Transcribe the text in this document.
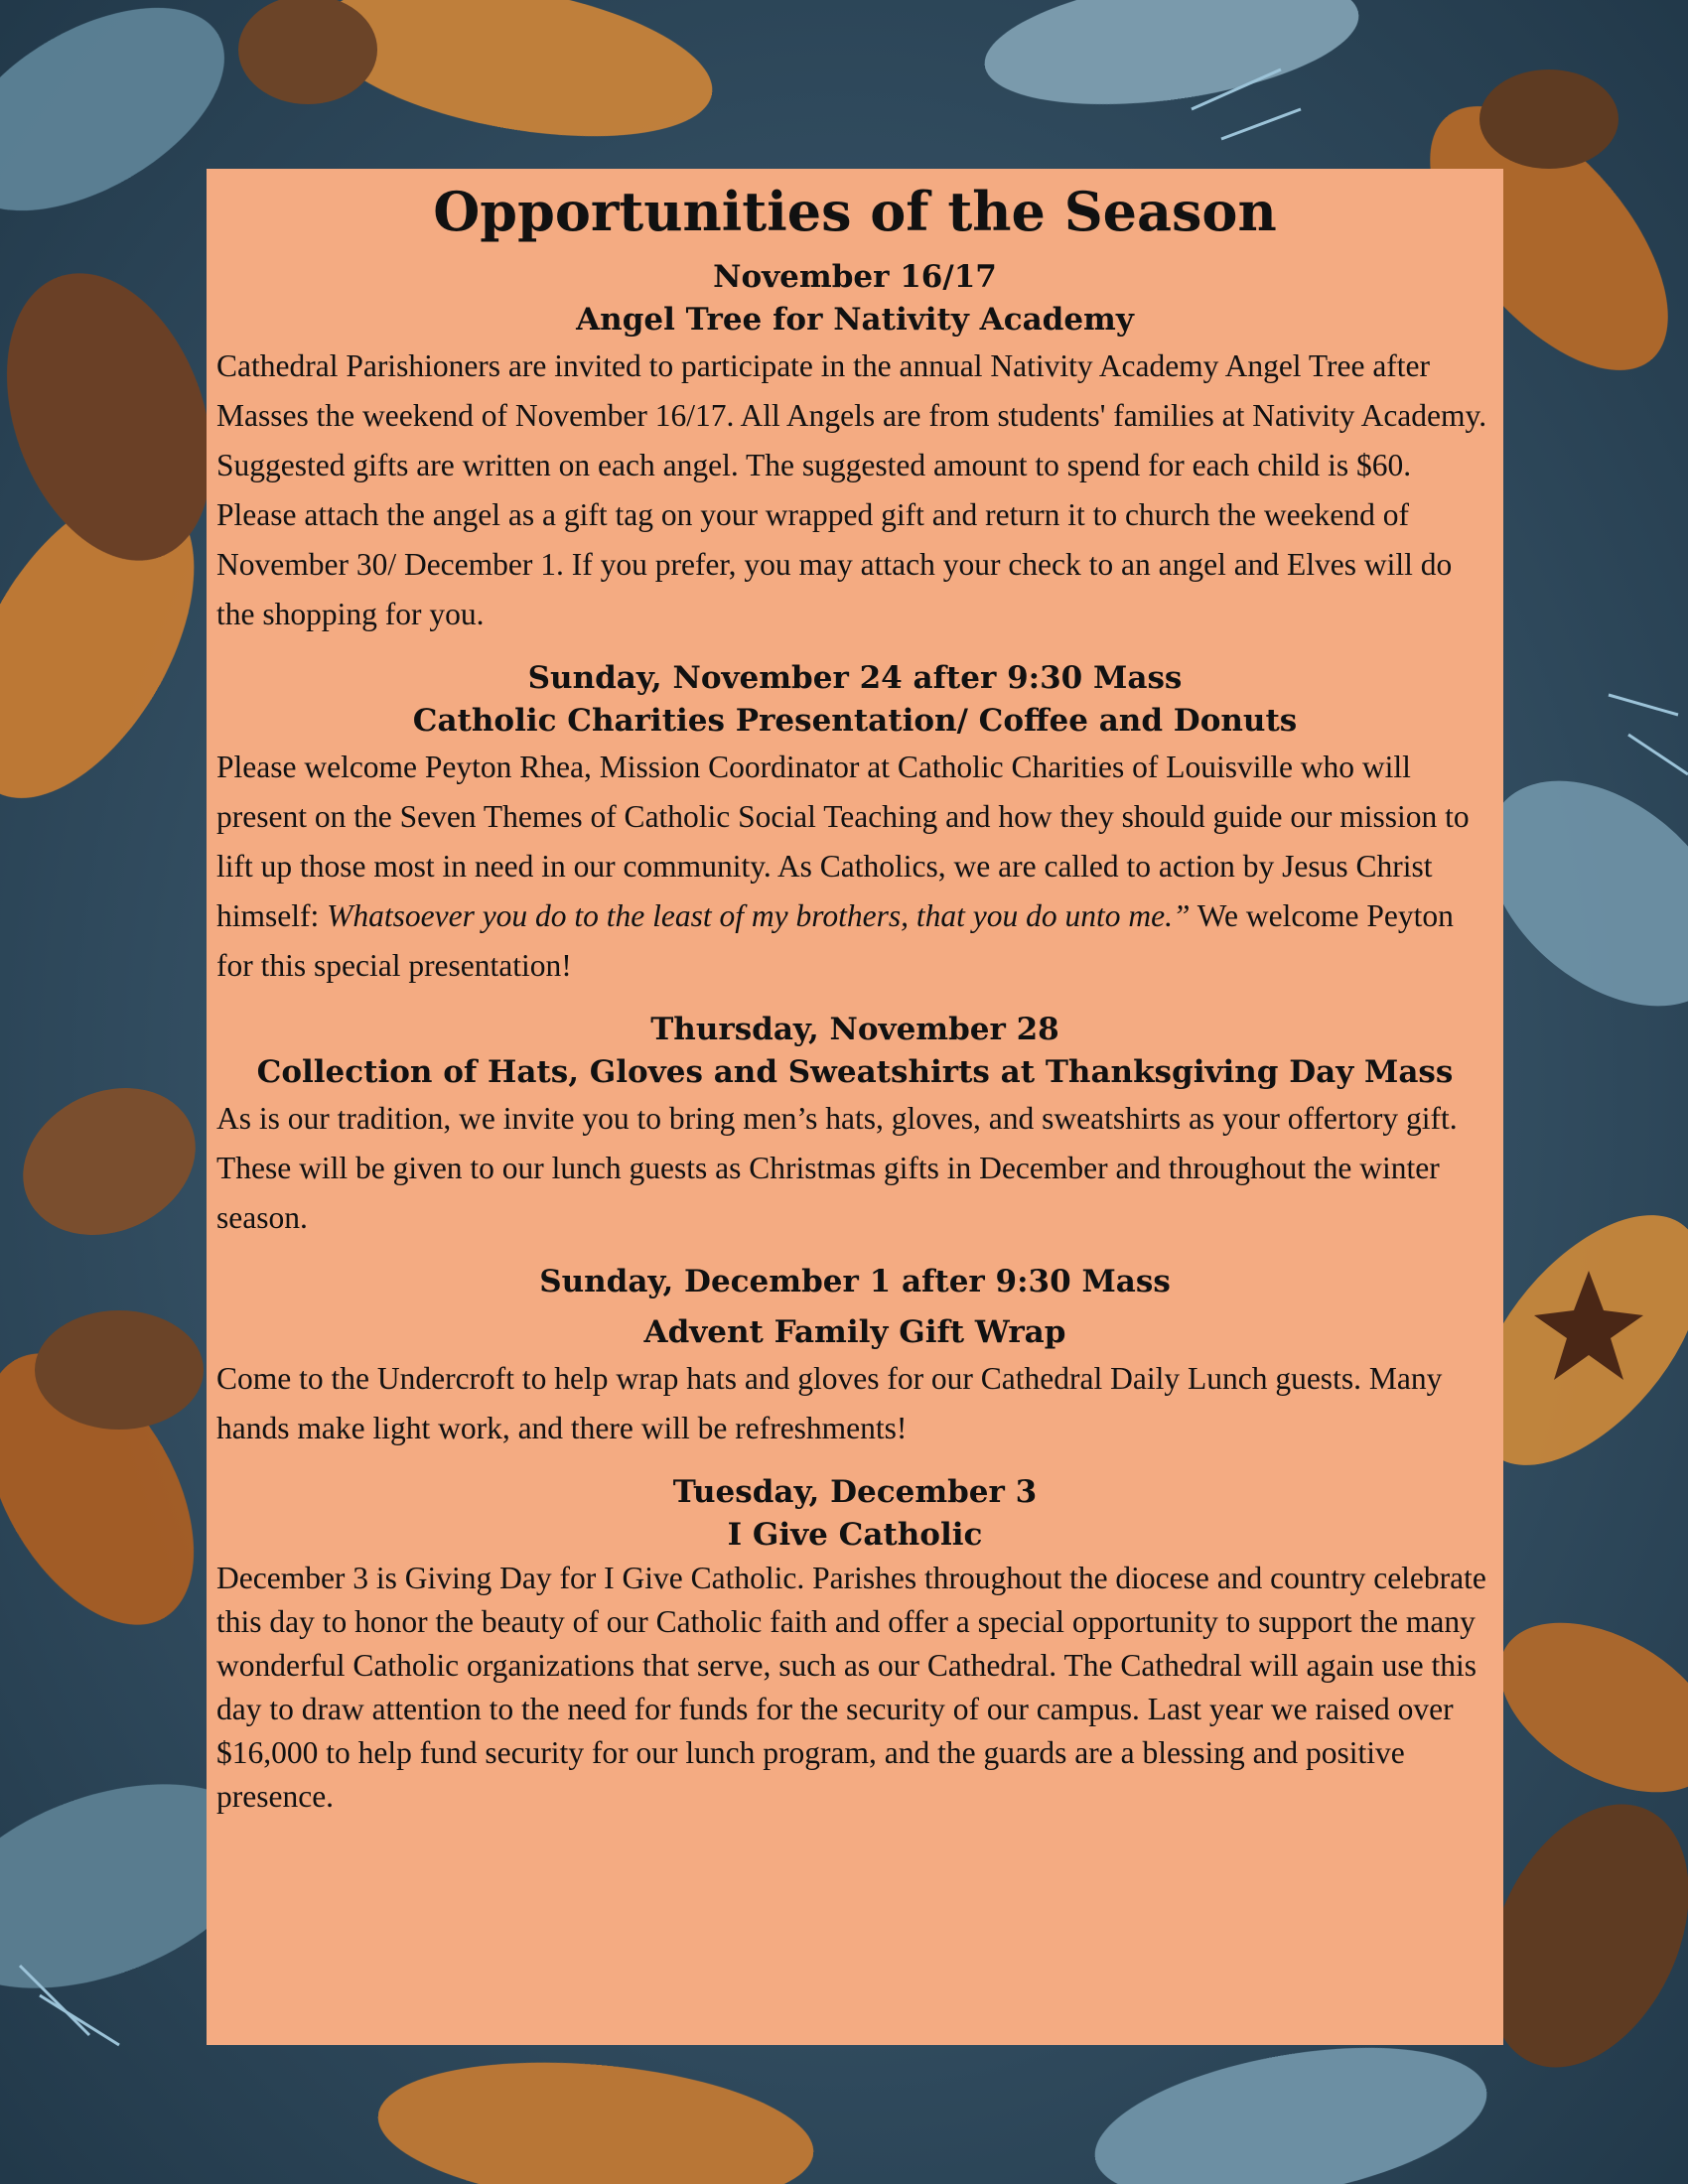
Opportunities of the Season

November 16/17

Angel Tree for Nativity Academy

Cathedral Parishioners are invited to participate in the annual Nativity Academy Angel Tree after Masses the weekend of November 16/17. All Angels are from students' families at Nativity Academy. Suggested gifts are written on each angel. The suggested amount to spend for each child is $60. Please attach the angel as a gift tag on your wrapped gift and return it to church the weekend of November 30/ December 1. If you prefer, you may attach your check to an angel and Elves will do the shopping for you.

Sunday, November 24 after 9:30 Mass

Catholic Charities Presentation/ Coffee and Donuts

Please welcome Peyton Rhea, Mission Coordinator at Catholic Charities of Louisville who will present on the Seven Themes of Catholic Social Teaching and how they should guide our mission to lift up those most in need in our community. As Catholics, we are called to action by Jesus Christ himself: Whatsoever you do to the least of my brothers, that you do unto me.” We welcome Peyton for this special presentation!

Thursday, November 28

Collection of Hats, Gloves and Sweatshirts at Thanksgiving Day Mass

As is our tradition, we invite you to bring men’s hats, gloves, and sweatshirts as your offertory gift. These will be given to our lunch guests as Christmas gifts in December and throughout the winter season.

Sunday, December 1 after 9:30 Mass

Advent Family Gift Wrap

Come to the Undercroft to help wrap hats and gloves for our Cathedral Daily Lunch guests. Many hands make light work, and there will be refreshments!

Tuesday, December 3

I Give Catholic

December 3 is Giving Day for I Give Catholic. Parishes throughout the diocese and country celebrate this day to honor the beauty of our Catholic faith and offer a special opportunity to support the many wonderful Catholic organizations that serve, such as our Cathedral. The Cathedral will again use this day to draw attention to the need for funds for the security of our campus. Last year we raised over $16,000 to help fund security for our lunch program, and the guards are a blessing and positive presence.
